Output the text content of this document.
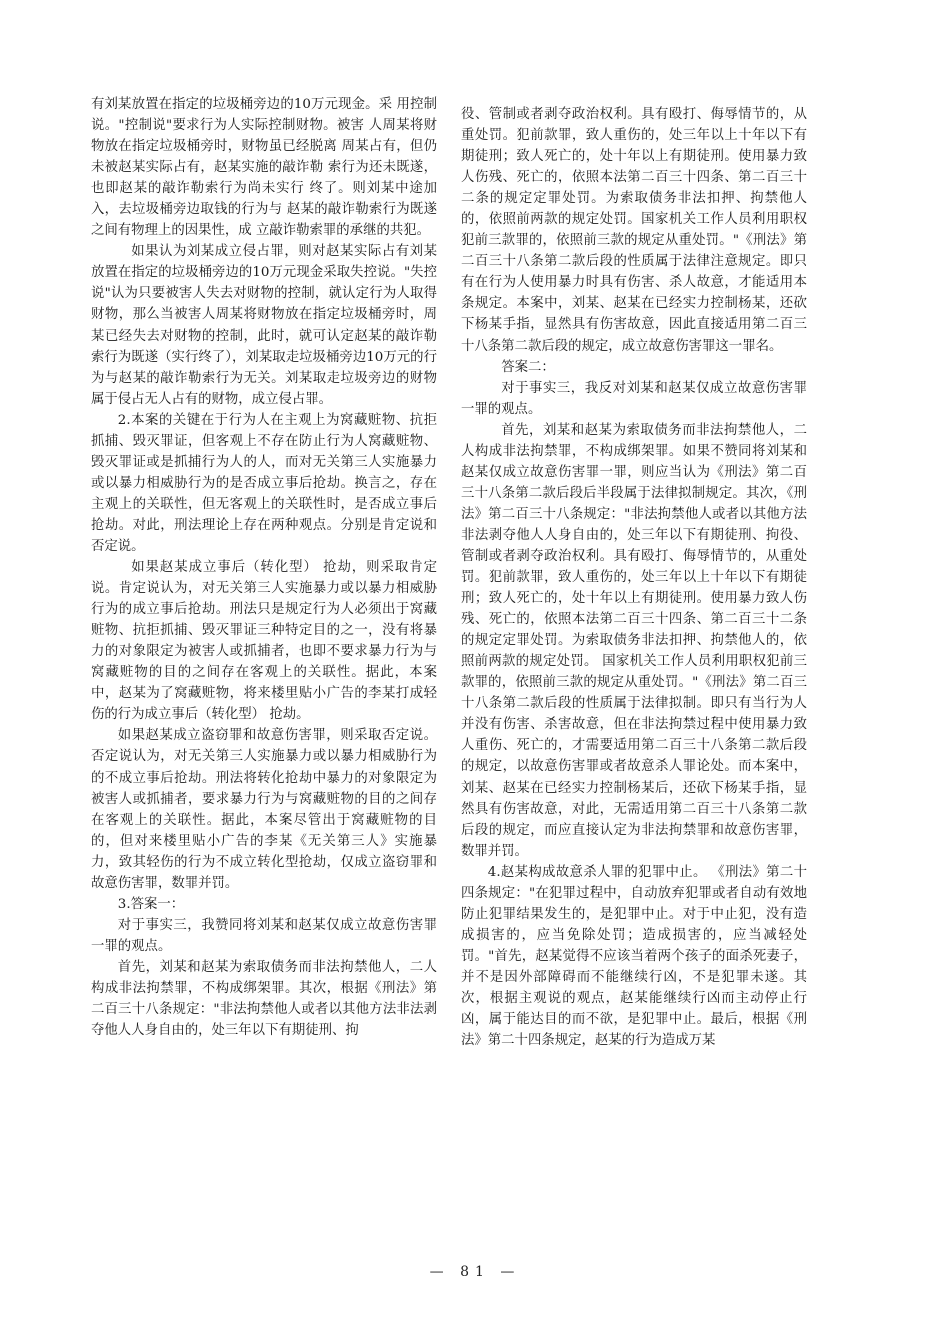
有刘某放置在指定的垃圾桶旁边的10万元现金。采 用控制说。"控制说"要求行为人实际控制财物。被害 人周某将财物放在指定垃圾桶旁时，财物虽已经脱离 周某占有，但仍未被赵某实际占有，赵某实施的敲诈勒 索行为还未既遂，也即赵某的敲诈勒索行为尚未实行 终了。则刘某中途加入，去垃圾桶旁边取钱的行为与 赵某的敲诈勒索行为既遂之间有物理上的因果性，成 立敲诈勒索罪的承继的共犯。

如果认为刘某成立侵占罪，则对赵某实际占有刘某放置在指定的垃圾桶旁边的10万元现金采取失控说。"失控说"认为只要被害人失去对财物的控制，就认定行为人取得财物，那么当被害人周某将财物放在指定垃圾桶旁时，周某已经失去对财物的控制，此时，就可认定赵某的敲诈勒索行为既遂（实行终了），刘某取走垃圾桶旁边10万元的行为与赵某的敲诈勒索行为无关。刘某取走垃圾旁边的财物属于侵占无人占有的财物，成立侵占罪。

2.本案的关键在于行为人在主观上为窝藏赃物、抗拒抓捕、毁灭罪证，但客观上不存在防止行为人窝藏赃物、毁灭罪证或是抓捕行为人的人，而对无关第三人实施暴力或以暴力相威胁行为的是否成立事后抢劫。换言之，存在主观上的关联性，但无客观上的关联性时，是否成立事后抢劫。对此，刑法理论上存在两种观点。分别是肯定说和否定说。

如果赵某成立事后（转化型） 抢劫，则采取肯定说。肯定说认为，对无关第三人实施暴力或以暴力相威胁行为的成立事后抢劫。刑法只是规定行为人必须出于窝藏赃物、抗拒抓捕、毁灭罪证三种特定目的之一，没有将暴力的对象限定为被害人或抓捕者，也即不要求暴力行为与窝藏赃物的目的之间存在客观上的关联性。据此，本案中，赵某为了窝藏赃物，将来楼里贴小广告的李某打成轻伤的行为成立事后（转化型） 抢劫。

如果赵某成立盗窃罪和故意伤害罪，则采取否定说。否定说认为，对无关第三人实施暴力或以暴力相威胁行为的不成立事后抢劫。刑法将转化抢劫中暴力的对象限定为被害人或抓捕者，要求暴力行为与窝藏赃物的目的之间存在客观上的关联性。据此，本案尽管出于窝藏赃物的目的，但对来楼里贴小广告的李某《无关第三人》实施暴力，致其轻伤的行为不成立转化型抢劫，仅成立盗窃罪和故意伤害罪，数罪并罚。

3.答案一：

对于事实三，我赞同将刘某和赵某仅成立故意伤害罪一罪的观点。

首先，刘某和赵某为索取债务而非法拘禁他人，二人构成非法拘禁罪，不构成绑架罪。其次，根据《刑法》第二百三十八条规定："非法拘禁他人或者以其他方法非法剥夺他人人身自由的，处三年以下有期徒刑、拘

役、管制或者剥夺政治权利。具有殴打、侮辱情节的，从重处罚。犯前款罪，致人重伤的，处三年以上十年以下有期徒刑；致人死亡的，处十年以上有期徒刑。使用暴力致人伤残、死亡的，依照本法第二百三十四条、第二百三十二条的规定定罪处罚。为索取债务非法扣押、拘禁他人的，依照前两款的规定处罚。国家机关工作人员利用职权犯前三款罪的，依照前三款的规定从重处罚。"《刑法》第二百三十八条第二款后段的性质属于法律注意规定。即只有在行为人使用暴力时具有伤害、杀人故意，才能适用本条规定。本案中，刘某、赵某在已经实力控制杨某，还砍下杨某手指，显然具有伤害故意，因此直接适用第二百三十八条第二款后段的规定，成立故意伤害罪这一罪名。

答案二：

对于事实三，我反对刘某和赵某仅成立故意伤害罪一罪的观点。

首先，刘某和赵某为索取债务而非法拘禁他人，二人构成非法拘禁罪，不构成绑架罪。如果不赞同将刘某和赵某仅成立故意伤害罪一罪，则应当认为《刑法》第二百三十八条第二款后段后半段属于法律拟制规定。其次，《刑法》第二百三十八条规定："非法拘禁他人或者以其他方法非法剥夺他人人身自由的，处三年以下有期徒刑、拘役、管制或者剥夺政治权利。具有殴打、侮辱情节的，从重处罚。犯前款罪，致人重伤的，处三年以上十年以下有期徒刑；致人死亡的，处十年以上有期徒刑。使用暴力致人伤残、死亡的，依照本法第二百三十四条、第二百三十二条的规定定罪处罚。为索取债务非法扣押、拘禁他人的，依照前两款的规定处罚。 国家机关工作人员利用职权犯前三款罪的，依照前三款的规定从重处罚。"《刑法》第二百三十八条第二款后段的性质属于法律拟制。即只有当行为人并没有伤害、杀害故意，但在非法拘禁过程中使用暴力致人重伤、死亡的，才需要适用第二百三十八条第二款后段的规定，以故意伤害罪或者故意杀人罪论处。而本案中，刘某、赵某在已经实力控制杨某后，还砍下杨某手指，显然具有伤害故意，对此，无需适用第二百三十八条第二款后段的规定，而应直接认定为非法拘禁罪和故意伤害罪，数罪并罚。

4.赵某构成故意杀人罪的犯罪中止。 《刑法》第二十四条规定："在犯罪过程中，自动放弃犯罪或者自动有效地防止犯罪结果发生的，是犯罪中止。对于中止犯，没有造成损害的，应当免除处罚；造成损害的，应当减轻处罚。"首先，赵某觉得不应该当着两个孩子的面杀死妻子，并不是因外部障碍而不能继续行凶，不是犯罪未遂。其次，根据主观说的观点，赵某能继续行凶而主动停止行凶，属于能达目的而不欲，是犯罪中止。最后，根据《刑法》第二十四条规定，赵某的行为造成万某

— 81 —
